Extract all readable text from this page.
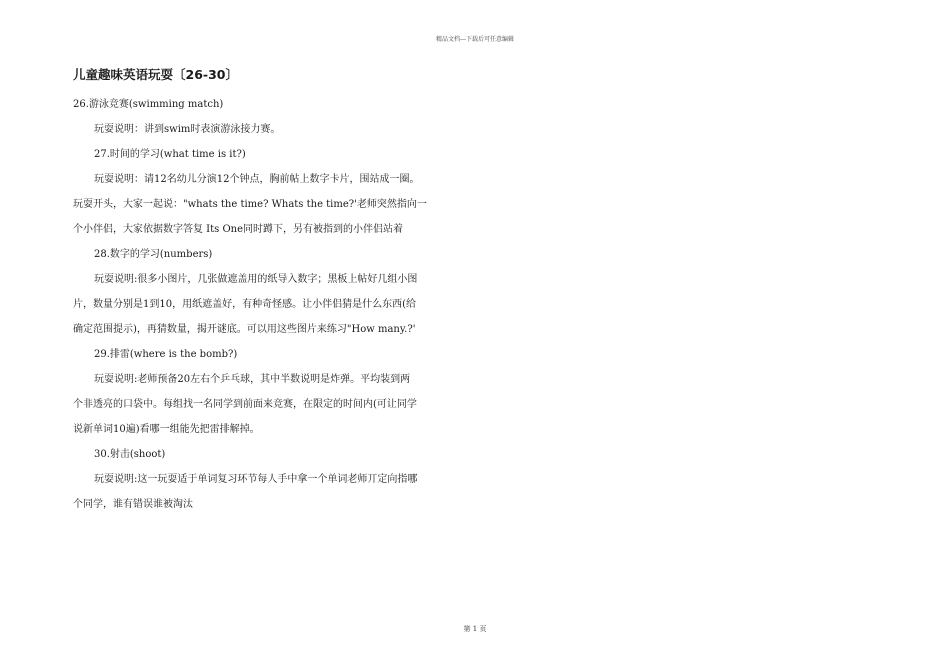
精品文档---下载后可任意编辑
儿童趣味英语玩耍〔26-30〕
26.游泳竞赛(swimming match)
玩耍说明：讲到swim时表演游泳接力赛。
27.时间的学习(what time is it?)
玩耍说明：请12名幼儿分演12个钟点，胸前帖上数字卡片，围站成一圈。
玩耍开头，大家一起说："whats the time? Whats the time?'老师突然指向一
个小伴侣，大家依据数字答复 Its One同时蹲下，另有被指到的小伴侣站着
28.数字的学习(numbers)
玩耍说明:很多小图片，几张做遮盖用的纸导入数字；黑板上帖好几组小图
片，数量分别是1到10，用纸遮盖好，有种奇怪感。让小伴侣猜是什么东西(给
确定范围提示)，再猜数量，揭开谜底。可以用这些图片来练习"How many.?'
29.排雷(where is the bomb?)
玩耍说明:老师预备20左右个乒乓球，其中半数说明是炸弹。平均装到两
个非透亮的口袋中。每组找一名同学到前面来竞赛，在限定的时间内(可让同学
说新单词10遍)看哪一组能先把雷排解掉。
30.射击(shoot)
玩耍说明:这一玩耍适于单词复习环节每人手中拿一个单词老师丌定向指哪
个同学，谁有错误谁被淘汰
第 1 页
